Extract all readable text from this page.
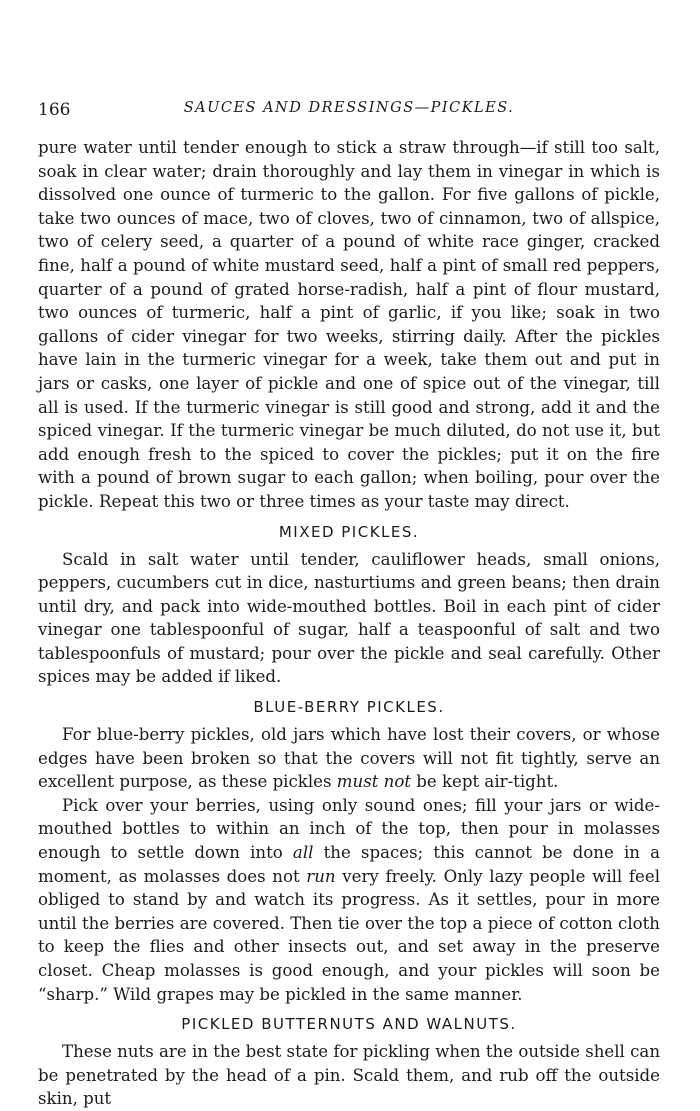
166	SAUCES AND DRESSINGS—PICKLES.

pure water until tender enough to stick a straw through—if still too salt, soak in clear water; drain thoroughly and lay them in vinegar in which is dissolved one ounce of turmeric to the gallon. For five gallons of pickle, take two ounces of mace, two of cloves, two of cinnamon, two of allspice, two of celery seed, a quarter of a pound of white race ginger, cracked fine, half a pound of white mustard seed, half a pint of small red peppers, quarter of a pound of grated horse-radish, half a pint of flour mustard, two ounces of turmeric, half a pint of garlic, if you like; soak in two gallons of cider vinegar for two weeks, stirring daily. After the pickles have lain in the turmeric vinegar for a week, take them out and put in jars or casks, one layer of pickle and one of spice out of the vinegar, till all is used. If the turmeric vinegar is still good and strong, add it and the spiced vinegar. If the turmeric vinegar be much diluted, do not use it, but add enough fresh to the spiced to cover the pickles; put it on the fire with a pound of brown sugar to each gallon; when boiling, pour over the pickle. Repeat this two or three times as your taste may direct.

MIXED PICKLES.

Scald in salt water until tender, cauliflower heads, small onions, peppers, cucumbers cut in dice, nasturtiums and green beans; then drain until dry, and pack into wide-mouthed bottles. Boil in each pint of cider vinegar one tablespoonful of sugar, half a teaspoonful of salt and two tablespoonfuls of mustard; pour over the pickle and seal carefully. Other spices may be added if liked.

BLUE-BERRY PICKLES.

For blue-berry pickles, old jars which have lost their covers, or whose edges have been broken so that the covers will not fit tightly, serve an excellent purpose, as these pickles must not be kept air-tight.

Pick over your berries, using only sound ones; fill your jars or wide-mouthed bottles to within an inch of the top, then pour in molasses enough to settle down into all the spaces; this cannot be done in a moment, as molasses does not run very freely. Only lazy people will feel obliged to stand by and watch its progress. As it settles, pour in more until the berries are covered. Then tie over the top a piece of cotton cloth to keep the flies and other insects out, and set away in the preserve closet. Cheap molasses is good enough, and your pickles will soon be “sharp.” Wild grapes may be pickled in the same manner.

PICKLED BUTTERNUTS AND WALNUTS.

These nuts are in the best state for pickling when the outside shell can be penetrated by the head of a pin. Scald them, and rub off the outside skin, put
